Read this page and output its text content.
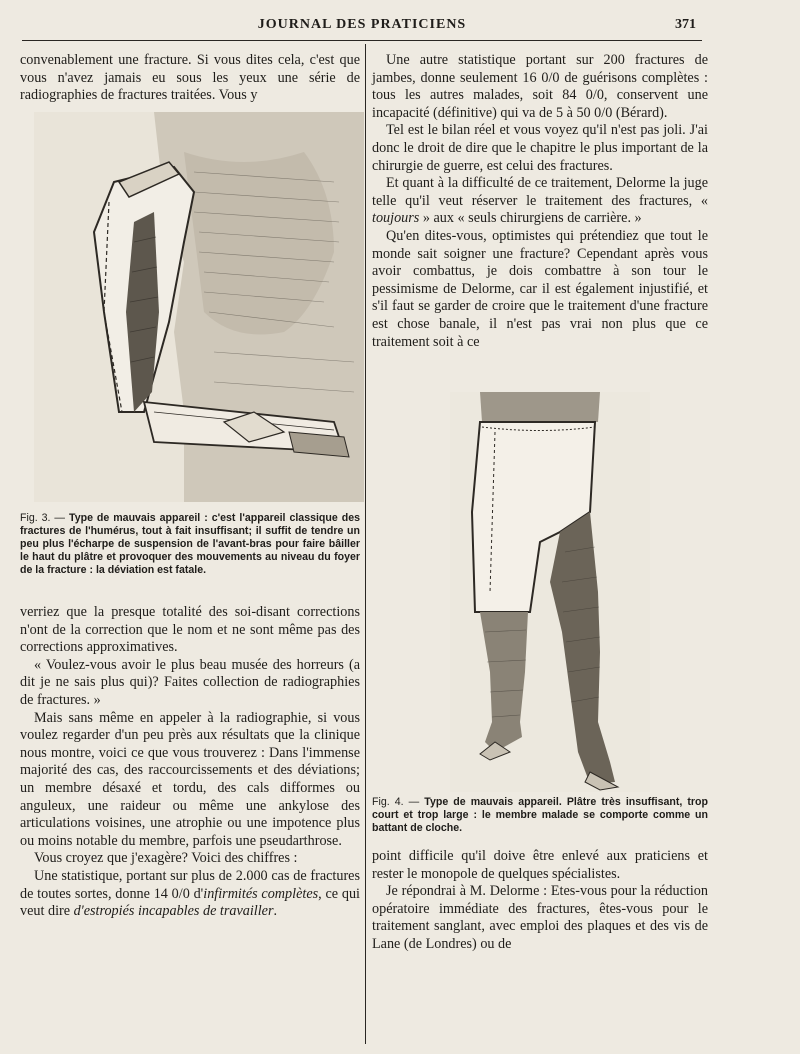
JOURNAL DES PRATICIENS	371

convenablement une fracture. Si vous dites cela, c'est que vous n'avez jamais eu sous les yeux une série de radiographies de fractures traitées. Vous y

Fig. 3. — Type de mauvais appareil : c'est l'appareil classique des fractures de l'humérus, tout à fait insuffisant; il suffit de tendre un peu plus l'écharpe de suspension de l'avant-bras pour faire bâiller le haut du plâtre et provoquer des mouvements au niveau du foyer de la fracture : la déviation est fatale.

verriez que la presque totalité des soi-disant corrections n'ont de la correction que le nom et ne sont même pas des corrections approximatives.

« Voulez-vous avoir le plus beau musée des horreurs (a dit je ne sais plus qui)? Faites collection de radiographies de fractures. »

Mais sans même en appeler à la radiographie, si vous voulez regarder d'un peu près aux résultats que la clinique nous montre, voici ce que vous trouverez : Dans l'immense majorité des cas, des raccourcissements et des déviations; un membre désaxé et tordu, des cals difformes ou anguleux, une raideur ou même une ankylose des articulations voisines, une atrophie ou une impotence plus ou moins notable du membre, parfois une pseudarthrose.

Vous croyez que j'exagère? Voici des chiffres :

Une statistique, portant sur plus de 2.000 cas de fractures de toutes sortes, donne 14 0/0 d'infirmités complètes, ce qui veut dire d'estropiés incapables de travailler.

Une autre statistique portant sur 200 fractures de jambes, donne seulement 16 0/0 de guérisons complètes : tous les autres malades, soit 84 0/0, conservent une incapacité (définitive) qui va de 5 à 50 0/0 (Bérard).

Tel est le bilan réel et vous voyez qu'il n'est pas joli. J'ai donc le droit de dire que le chapitre le plus important de la chirurgie de guerre, est celui des fractures.

Et quant à la difficulté de ce traitement, Delorme la juge telle qu'il veut réserver le traitement des fractures, « toujours » aux « seuls chirurgiens de carrière. »

Qu'en dites-vous, optimistes qui prétendiez que tout le monde sait soigner une fracture? Cependant après vous avoir combattus, je dois combattre à son tour le pessimisme de Delorme, car il est également injustifié, et s'il faut se garder de croire que le traitement d'une fracture est chose banale, il n'est pas vrai non plus que ce traitement soit à ce

Fig. 4. — Type de mauvais appareil. Plâtre très insuffisant, trop court et trop large : le membre malade se comporte comme un battant de cloche.

point difficile qu'il doive être enlevé aux praticiens et rester le monopole de quelques spécialistes.

Je répondrai à M. Delorme : Etes-vous pour la réduction opératoire immédiate des fractures, êtes-vous pour le traitement sanglant, avec emploi des plaques et des vis de Lane (de Londres) ou de
